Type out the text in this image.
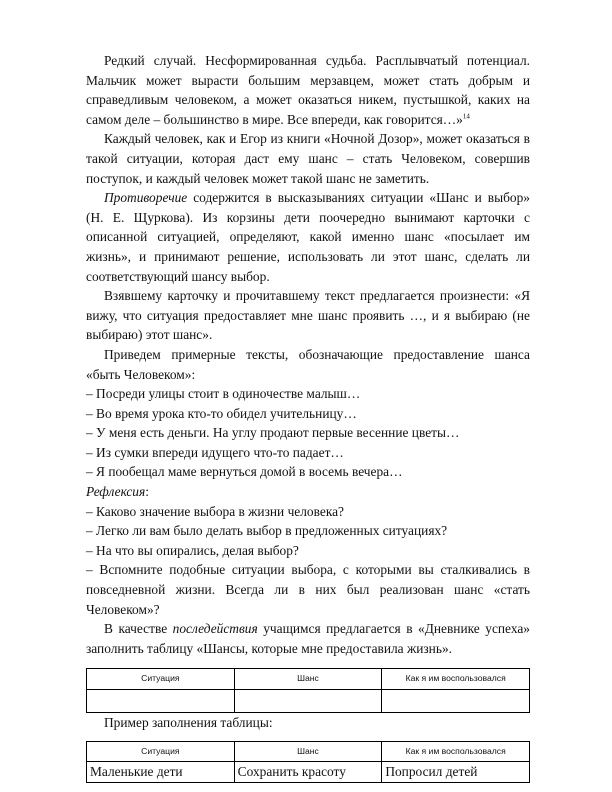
Редкий случай. Несформированная судьба. Расплывчатый потенциал. Мальчик может вырасти большим мерзавцем, может стать добрым и справедливым человеком, а может оказаться никем, пустышкой, каких на самом деле – большинство в мире. Все впереди, как говорится…»$^{14}$

Каждый человек, как и Егор из книги «Ночной Дозор», может оказаться в такой ситуации, которая даст ему шанс – стать Человеком, совершив поступок, и каждый человек может такой шанс не заметить.

Противоречие содержится в высказываниях ситуации «Шанс и выбор» (Н. Е. Щуркова). Из корзины дети поочередно вынимают карточки с описанной ситуацией, определяют, какой именно шанс «посылает им жизнь», и принимают решение, использовать ли этот шанс, сделать ли соответствующий шансу выбор.

Взявшему карточку и прочитавшему текст предлагается произнести: «Я вижу, что ситуация предоставляет мне шанс проявить …, и я выбираю (не выбираю) этот шанс».

Приведем примерные тексты, обозначающие предоставление шанса «быть Человеком»:

– Посреди улицы стоит в одиночестве малыш…

– Во время урока кто-то обидел учительницу…

– У меня есть деньги. На углу продают первые весенние цветы…

– Из сумки впереди идущего что-то падает…

– Я пообещал маме вернуться домой в восемь вечера…

Рефлексия:

– Каково значение выбора в жизни человека?

– Легко ли вам было делать выбор в предложенных ситуациях?

– На что вы опирались, делая выбор?

– Вспомните подобные ситуации выбора, с которыми вы сталкивались в повседневной жизни. Всегда ли в них был реализован шанс «стать Человеком»?

В качестве последействия учащимся предлагается в «Дневнике успеха» заполнить таблицу «Шансы, которые мне предоставила жизнь».

Ситуация	Шанс	Как я им воспользовался

Пример заполнения таблицы:

Ситуация	Шанс	Как я им воспользовался
Маленькие дети	Сохранить красоту	Попросил детей
